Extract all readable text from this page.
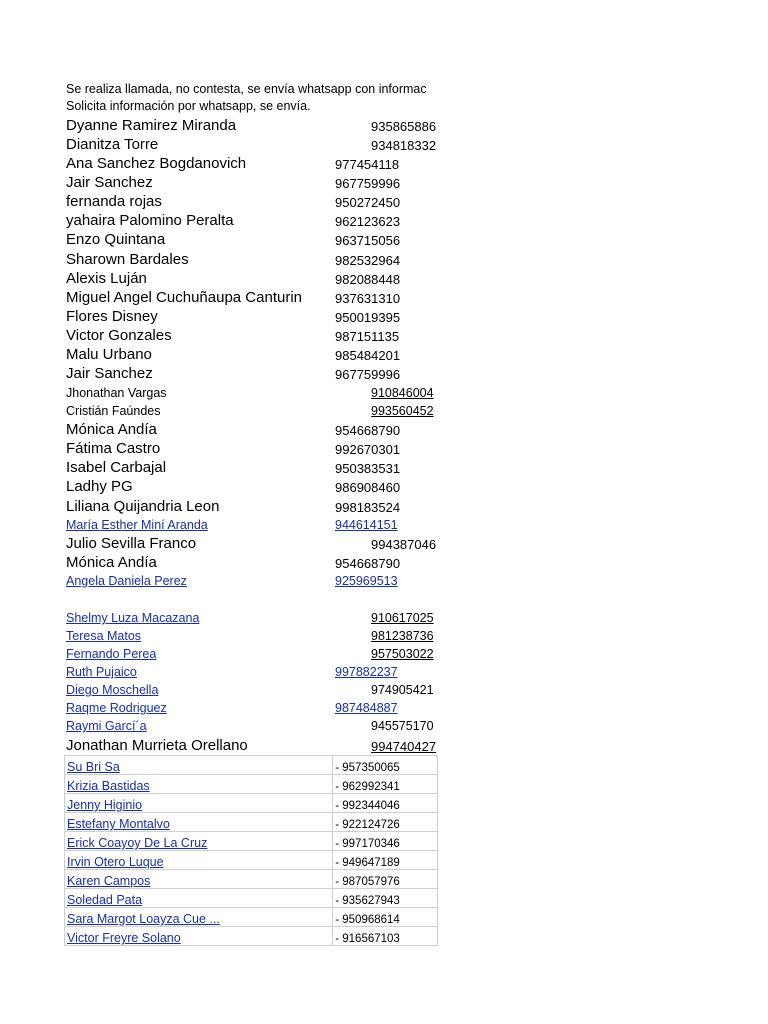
Se realiza llamada, no contesta, se envía whatsapp con informac
Solicita información por whatsapp, se envía.
Dyanne Ramirez Miranda	935865886
Dianitza Torre	934818332
Ana Sanchez Bogdanovich	977454118
Jair Sanchez	967759996
fernanda rojas	950272450
yahaira Palomino Peralta	962123623
Enzo Quintana	963715056
Sharown Bardales	982532964
Alexis Luján	982088448
Miguel Angel Cuchuñaupa Canturin	937631310
Flores Disney	950019395
Victor Gonzales	987151135
Malu Urbano	985484201
Jair Sanchez	967759996
Jhonathan Vargas	910846004
Cristián Faúndes	993560452
Mónica Andía	954668790
Fátima Castro	992670301
Isabel Carbajal	950383531
Ladhy PG	986908460
Liliana Quijandria Leon	998183524
María Esther Miní Aranda	944614151
Julio Sevilla Franco	994387046
Mónica Andía	954668790
Angela Daniela Perez	925969513
Shelmy Luza Macazana	910617025
Teresa Matos	981238736
Fernando Perea	957503022
Ruth Pujaico	997882237
Diego Moschella	974905421
Raqme Rodriguez	987484887
Raymi Garcí´a	945575170
Jonathan Murrieta Orellano	994740427
Su Bri Sa	- 957350065
Krizia Bastidas	- 962992341
Jenny Higinio	- 992344046
Estefany Montalvo	- 922124726
Erick Coayoy De La Cruz	- 997170346
Irvin Otero Luque	- 949647189
Karen Campos	- 987057976
Soledad Pata	- 935627943
Sara Margot Loayza Cue ...	- 950968614
Victor Freyre Solano	- 916567103
